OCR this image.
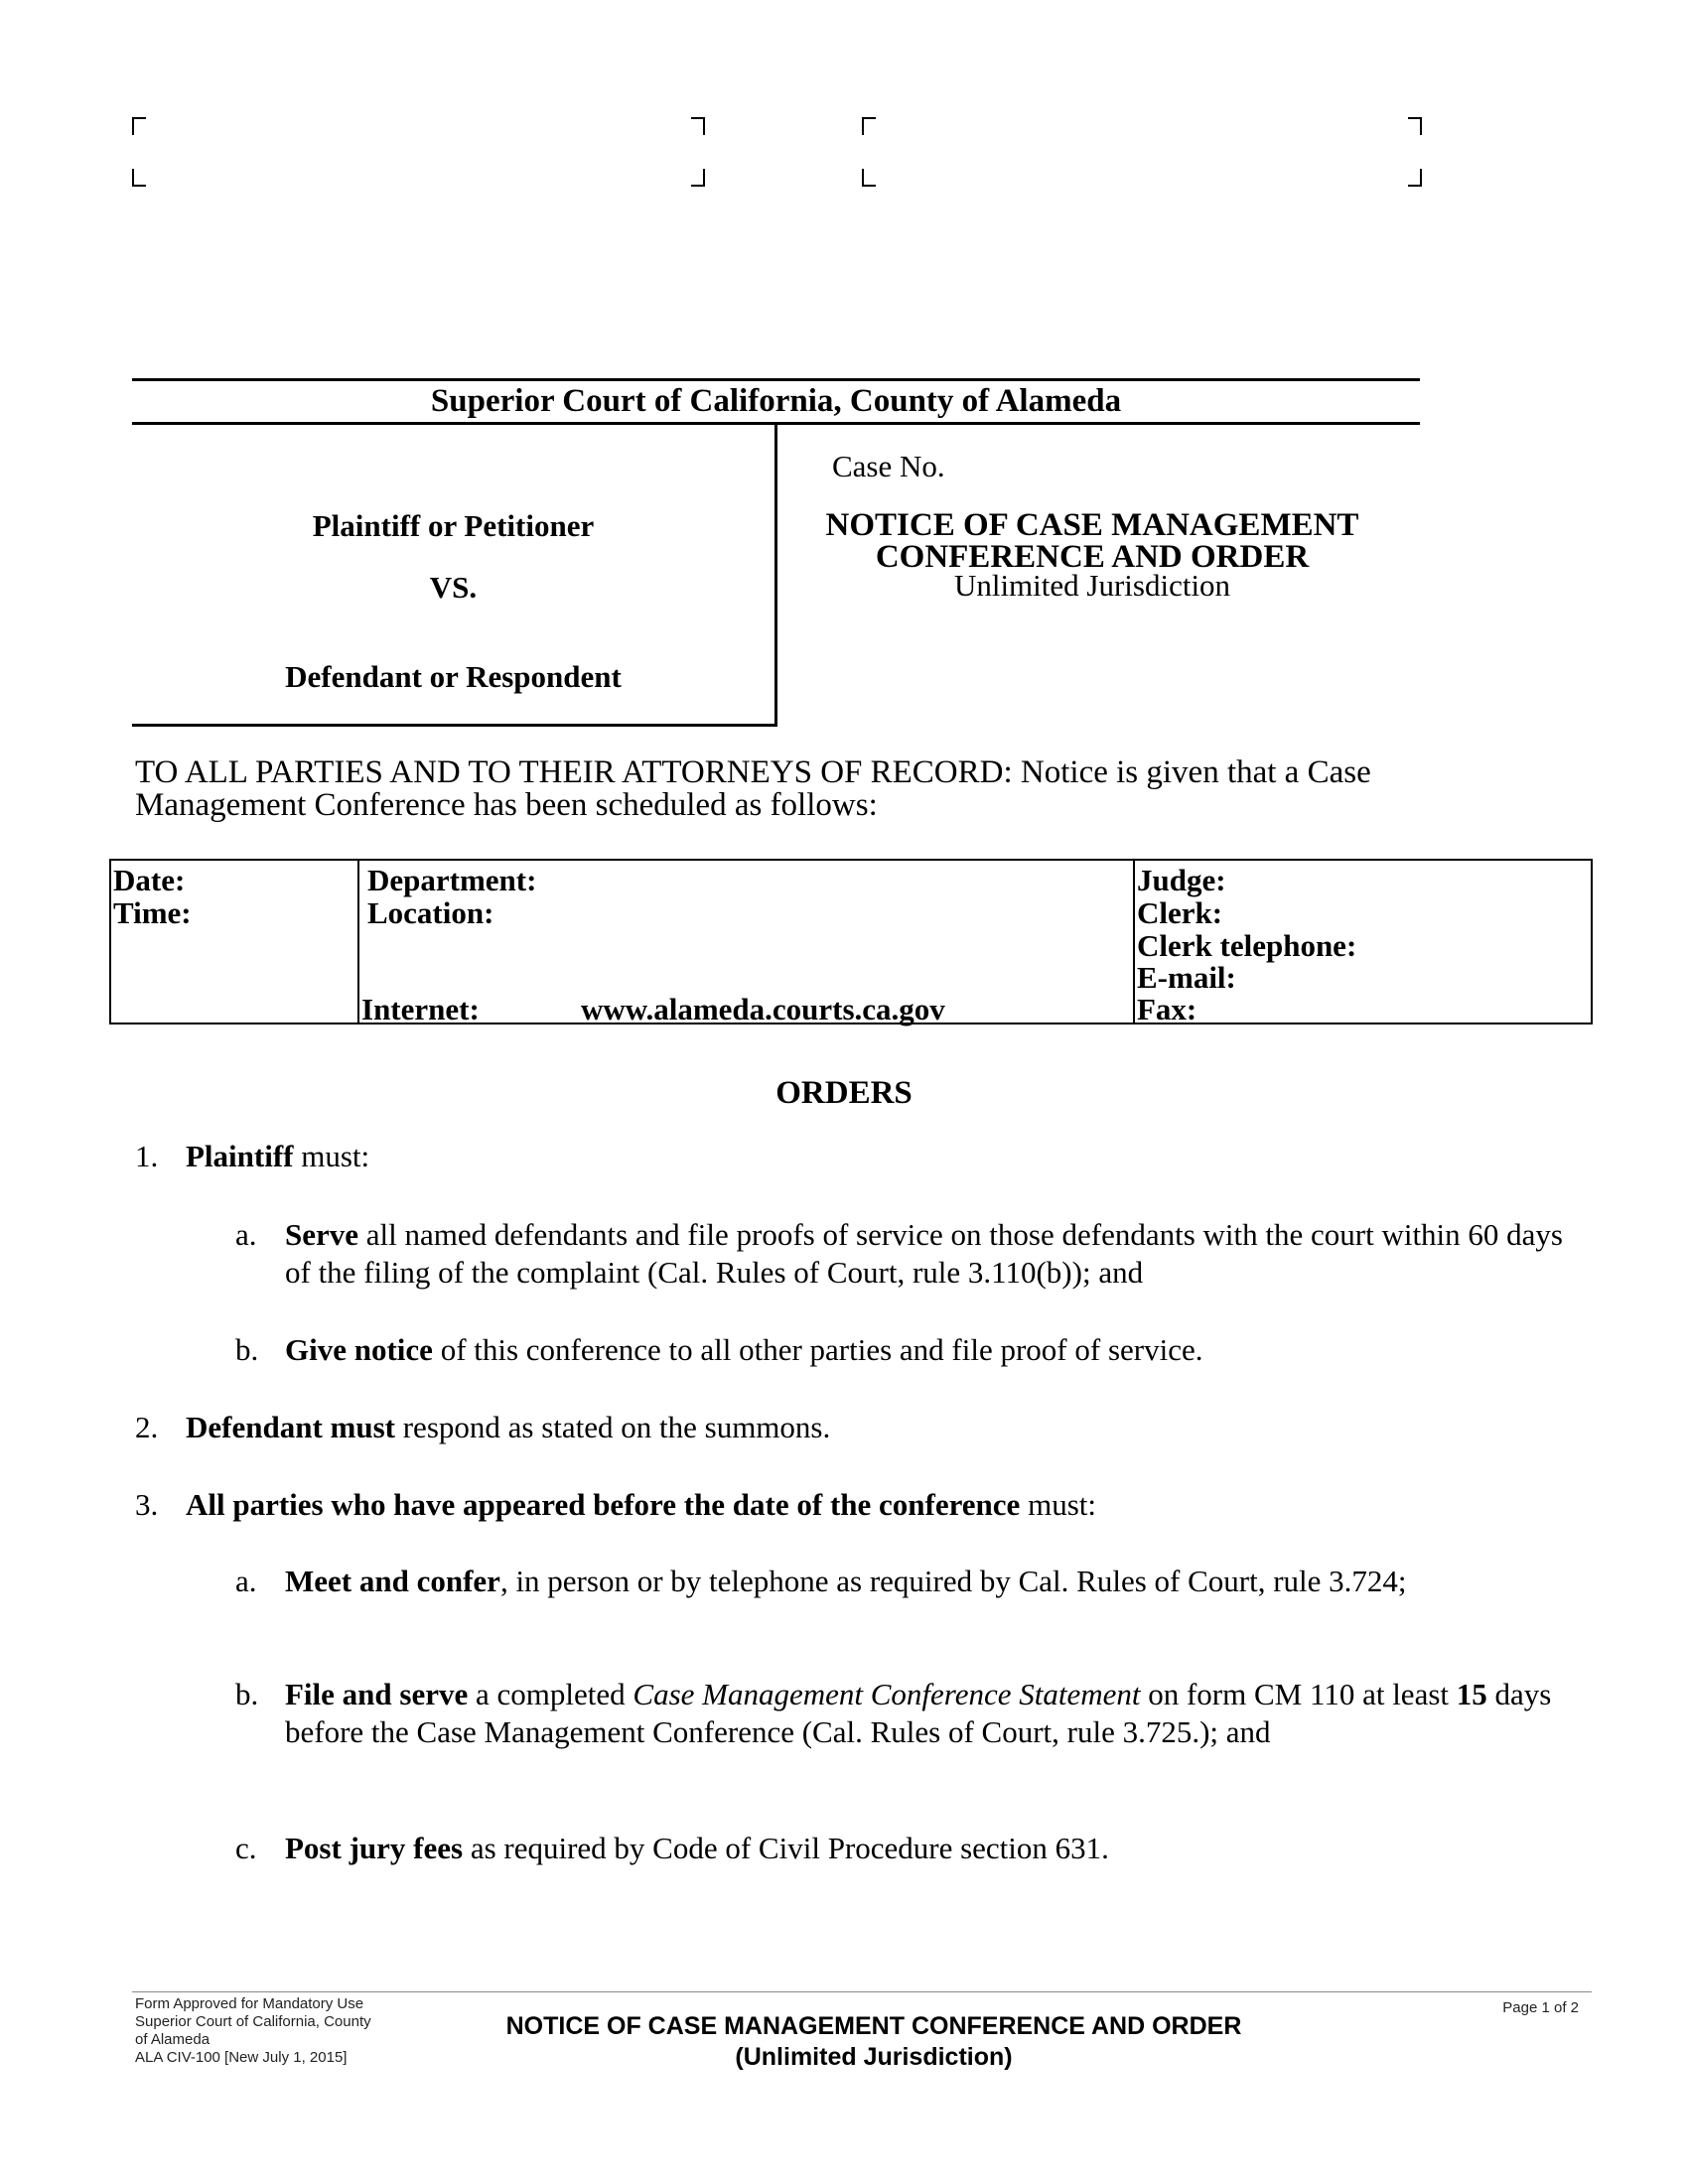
Superior Court of California, County of Alameda
Plaintiff or Petitioner
VS.
Defendant or Respondent
Case No.
NOTICE OF CASE MANAGEMENT
CONFERENCE AND ORDER
Unlimited Jurisdiction
TO ALL PARTIES AND TO THEIR ATTORNEYS OF RECORD: Notice is given that a Case
Management Conference has been scheduled as follows:
Date:
Time:
Department:
Location:
Internet:	www.alameda.courts.ca.gov
Judge:
Clerk:
Clerk telephone:
E-mail:
Fax:
ORDERS
1. Plaintiff must:
a. Serve all named defendants and file proofs of service on those defendants with the court within 60 days of the filing of the complaint (Cal. Rules of Court, rule 3.110(b)); and
b. Give notice of this conference to all other parties and file proof of service.
2. Defendant must respond as stated on the summons.
3. All parties who have appeared before the date of the conference must:
a. Meet and confer, in person or by telephone as required by Cal. Rules of Court, rule 3.724;
b. File and serve a completed Case Management Conference Statement on form CM 110 at least 15 days before the Case Management Conference (Cal. Rules of Court, rule 3.725.); and
c. Post jury fees as required by Code of Civil Procedure section 631.
Form Approved for Mandatory Use
Superior Court of California, County
of Alameda
ALA CIV-100 [New July 1, 2015]
NOTICE OF CASE MANAGEMENT CONFERENCE AND ORDER
(Unlimited Jurisdiction)
Page 1 of 2
